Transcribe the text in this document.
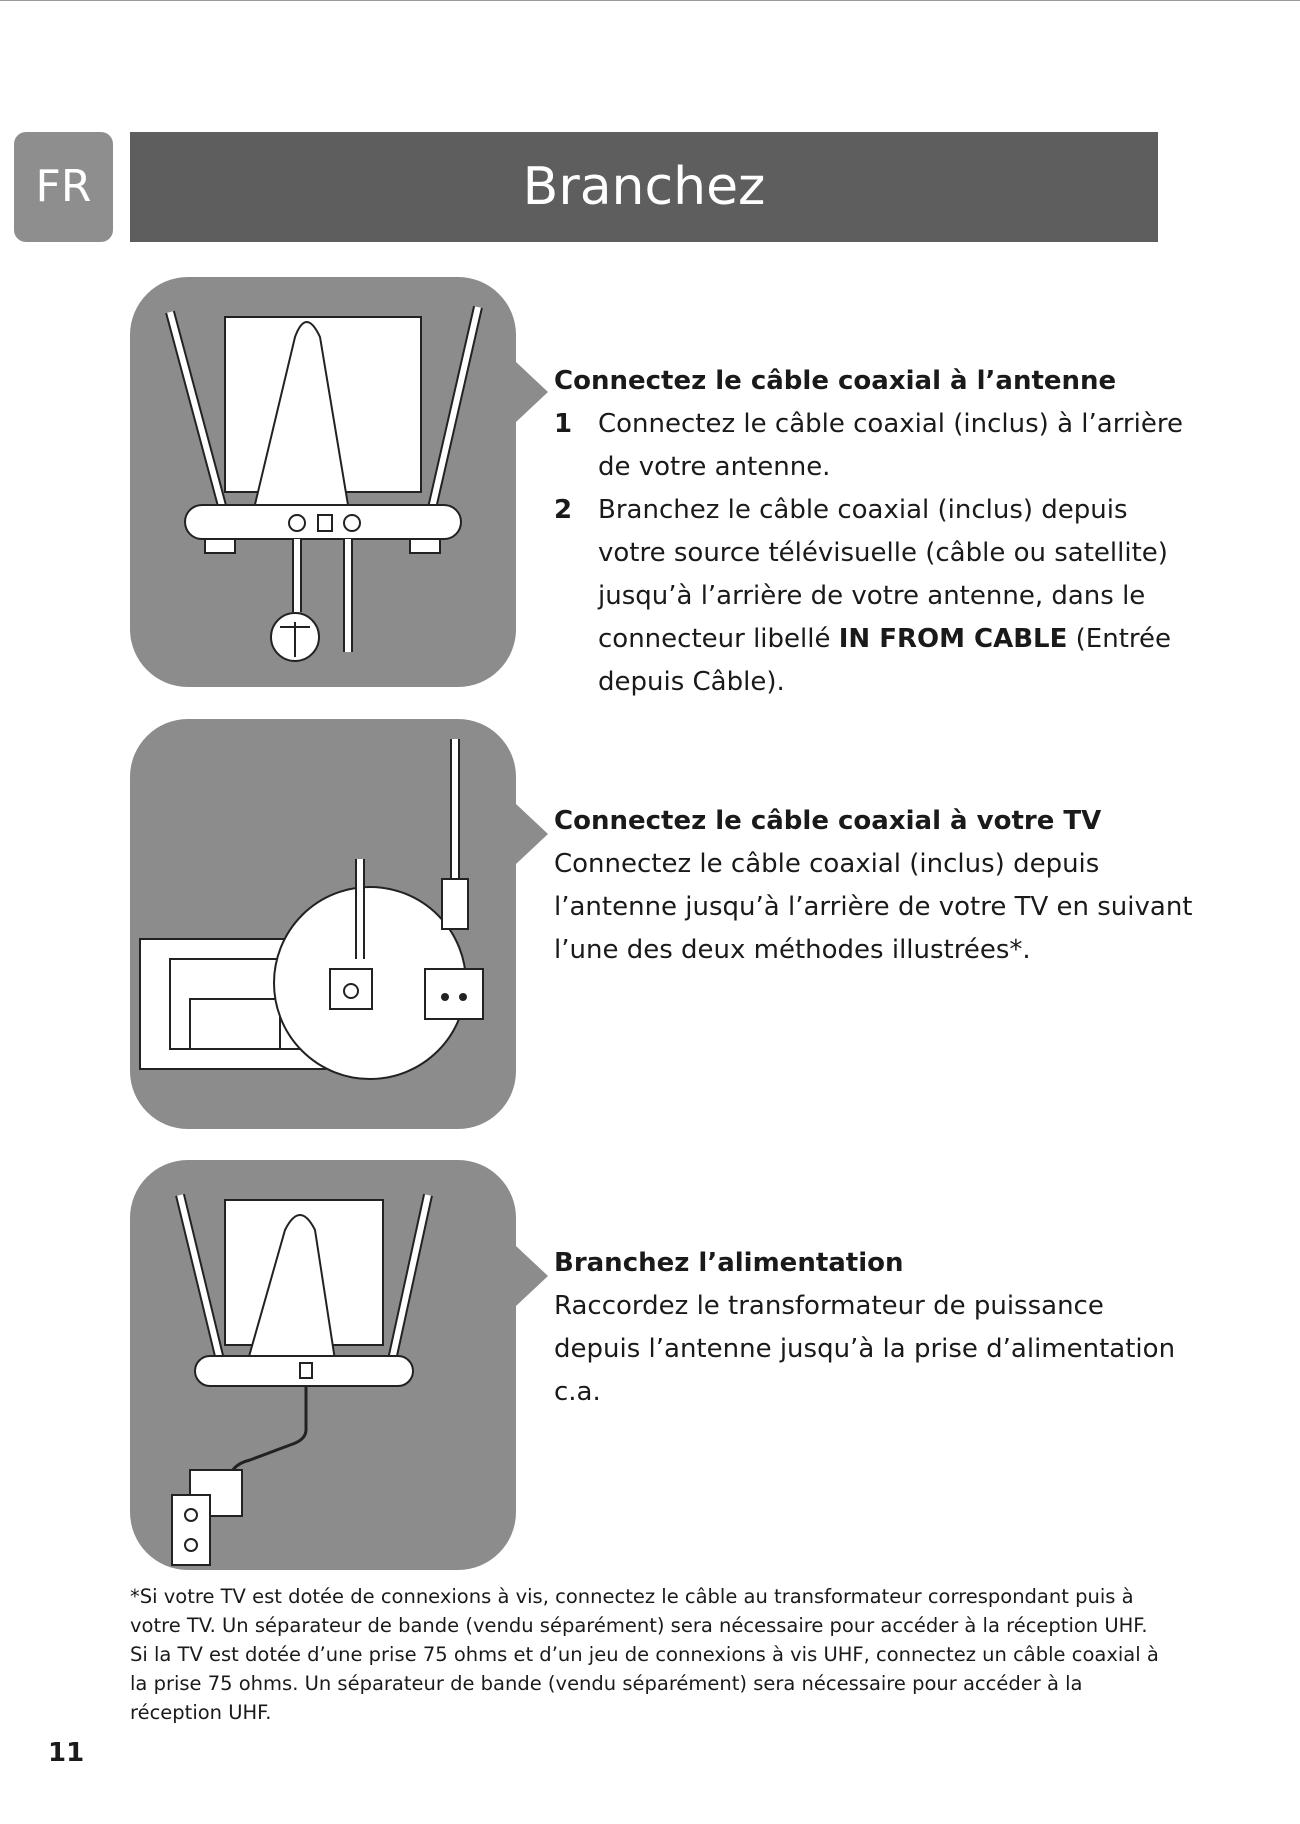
FR	Branchez
Connectez le câble coaxial à l’antenne
1 Connectez le câble coaxial (inclus) à l’arrière de votre antenne.
2 Branchez le câble coaxial (inclus) depuis votre source télévisuelle (câble ou satellite) jusqu’à l’arrière de votre antenne, dans le connecteur libellé IN FROM CABLE (Entrée depuis Câble).
Connectez le câble coaxial à votre TV

Connectez le câble coaxial (inclus) depuis l’antenne jusqu’à l’arrière de votre TV en suivant l’une des deux méthodes illustrées*.

Branchez l’alimentation

Raccordez le transformateur de puissance depuis l’antenne jusqu’à la prise d’alimentation c.a.

*Si votre TV est dotée de connexions à vis, connectez le câble au transformateur correspondant puis à votre TV. Un séparateur de bande (vendu séparément) sera nécessaire pour accéder à la réception UHF. Si la TV est dotée d’une prise 75 ohms et d’un jeu de connexions à vis UHF, connectez un câble coaxial à la prise 75 ohms. Un séparateur de bande (vendu séparément) sera nécessaire pour accéder à la réception UHF.
11
